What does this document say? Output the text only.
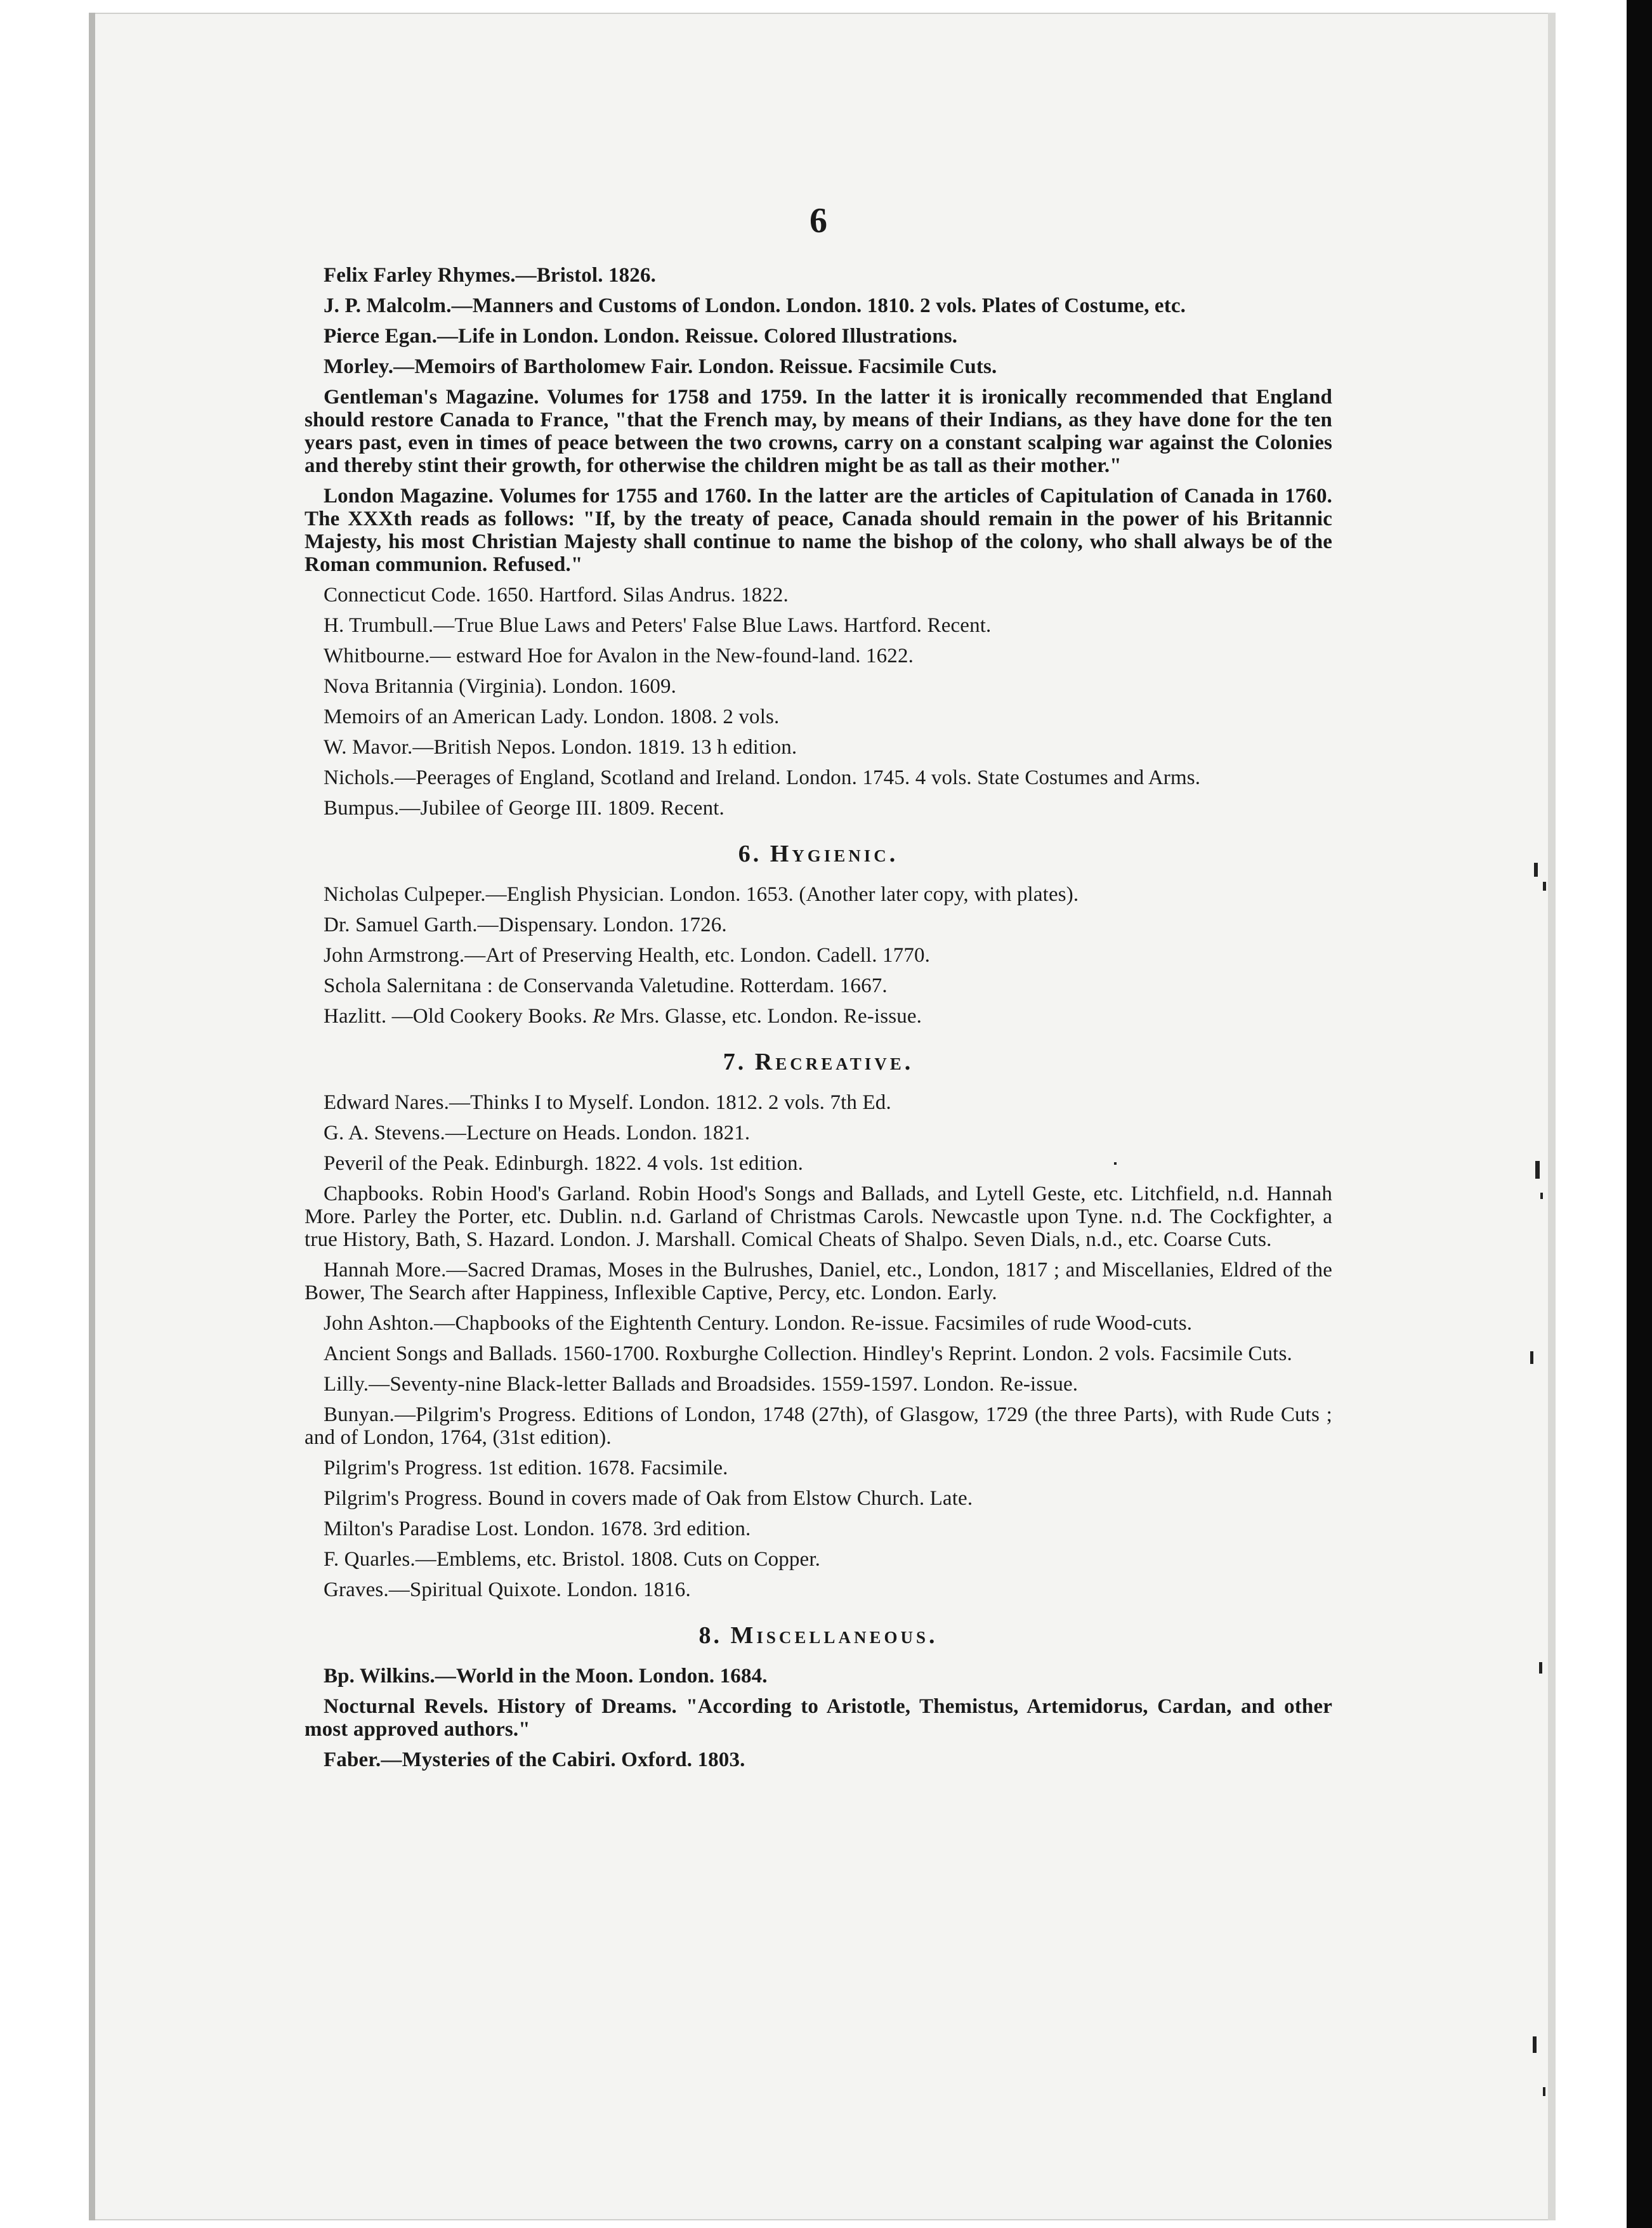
6

Felix Farley Rhymes.—Bristol. 1826.

J. P. Malcolm.—Manners and Customs of London. London. 1810. 2 vols. Plates of Costume, etc.

Pierce Egan.—Life in London. London. Reissue. Colored Illustrations.

Morley.—Memoirs of Bartholomew Fair. London. Reissue. Facsimile Cuts.

Gentleman's Magazine. Volumes for 1758 and 1759. In the latter it is ironically recommended that England should restore Canada to France, "that the French may, by means of their Indians, as they have done for the ten years past, even in times of peace between the two crowns, carry on a constant scalping war against the Colonies and thereby stint their growth, for otherwise the children might be as tall as their mother."

London Magazine. Volumes for 1755 and 1760. In the latter are the articles of Capitulation of Canada in 1760. The XXXth reads as follows: "If, by the treaty of peace, Canada should remain in the power of his Britannic Majesty, his most Christian Majesty shall continue to name the bishop of the colony, who shall always be of the Roman communion. Refused."

Connecticut Code. 1650. Hartford. Silas Andrus. 1822.

H. Trumbull.—True Blue Laws and Peters' False Blue Laws. Hartford. Recent.

Whitbourne.— estward Hoe for Avalon in the New-found-land. 1622.

Nova Britannia (Virginia). London. 1609.

Memoirs of an American Lady. London. 1808. 2 vols.

W. Mavor.—British Nepos. London. 1819. 13 h edition.

Nichols.—Peerages of England, Scotland and Ireland. London. 1745. 4 vols. State Costumes and Arms.

Bumpus.—Jubilee of George III. 1809. Recent.

6. Hygienic.

Nicholas Culpeper.—English Physician. London. 1653. (Another later copy, with plates).

Dr. Samuel Garth.—Dispensary. London. 1726.

John Armstrong.—Art of Preserving Health, etc. London. Cadell. 1770.

Schola Salernitana : de Conservanda Valetudine. Rotterdam. 1667.

Hazlitt. —Old Cookery Books. Re Mrs. Glasse, etc. London. Re-issue.

7. Recreative.

Edward Nares.—Thinks I to Myself. London. 1812. 2 vols. 7th Ed.

G. A. Stevens.—Lecture on Heads. London. 1821.

Peveril of the Peak. Edinburgh. 1822. 4 vols. 1st edition.

Chapbooks. Robin Hood's Garland. Robin Hood's Songs and Ballads, and Lytell Geste, etc. Litchfield, n.d. Hannah More. Parley the Porter, etc. Dublin. n.d. Garland of Christmas Carols. Newcastle upon Tyne. n.d. The Cockfighter, a true History, Bath, S. Hazard. London. J. Marshall. Comical Cheats of Shalpo. Seven Dials, n.d., etc. Coarse Cuts.

Hannah More.—Sacred Dramas, Moses in the Bulrushes, Daniel, etc., London, 1817 ; and Miscellanies, Eldred of the Bower, The Search after Happiness, Inflexible Captive, Percy, etc. London. Early.

John Ashton.—Chapbooks of the Eightenth Century. London. Re-issue. Facsimiles of rude Wood-cuts.

Ancient Songs and Ballads. 1560-1700. Roxburghe Collection. Hindley's Reprint. London. 2 vols. Facsimile Cuts.

Lilly.—Seventy-nine Black-letter Ballads and Broadsides. 1559-1597. London. Re-issue.

Bunyan.—Pilgrim's Progress. Editions of London, 1748 (27th), of Glasgow, 1729 (the three Parts), with Rude Cuts ; and of London, 1764, (31st edition).

Pilgrim's Progress. 1st edition. 1678. Facsimile.

Pilgrim's Progress. Bound in covers made of Oak from Elstow Church. Late.

Milton's Paradise Lost. London. 1678. 3rd edition.

F. Quarles.—Emblems, etc. Bristol. 1808. Cuts on Copper.

Graves.—Spiritual Quixote. London. 1816.

8. Miscellaneous.

Bp. Wilkins.—World in the Moon. London. 1684.

Nocturnal Revels. History of Dreams. "According to Aristotle, Themistus, Artemidorus, Cardan, and other most approved authors."

Faber.—Mysteries of the Cabiri. Oxford. 1803.
